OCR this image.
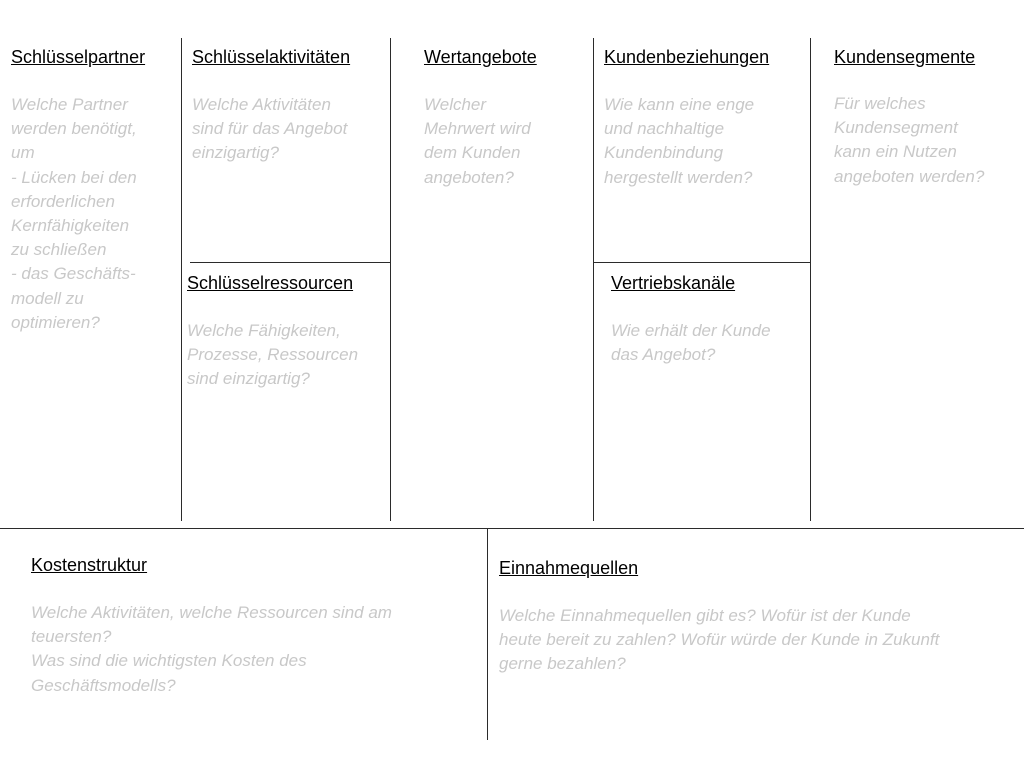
Schlüsselpartner
Welche Partner
werden benötigt,
um
- Lücken bei den
erforderlichen
Kernfähigkeiten
zu schließen
- das Geschäfts-
modell zu
optimieren?
Schlüsselaktivitäten
Welche Aktivitäten
sind für das Angebot
einzigartig?
Schlüsselressourcen
Welche Fähigkeiten,
Prozesse, Ressourcen
sind einzigartig?
Wertangebote
Welcher
Mehrwert wird
dem Kunden
angeboten?
Kundenbeziehungen
Wie kann eine enge
und nachhaltige
Kundenbindung
hergestellt werden?
Vertriebskanäle
Wie erhält der Kunde
das Angebot?
Kundensegmente
Für welches
Kundensegment
kann ein Nutzen
angeboten werden?
Kostenstruktur
Welche Aktivitäten, welche Ressourcen sind am
teuersten?
Was sind die wichtigsten Kosten des
Geschäftsmodells?
Einnahmequellen
Welche Einnahmequellen gibt es? Wofür ist der Kunde
heute bereit zu zahlen? Wofür würde der Kunde in Zukunft
gerne bezahlen?
